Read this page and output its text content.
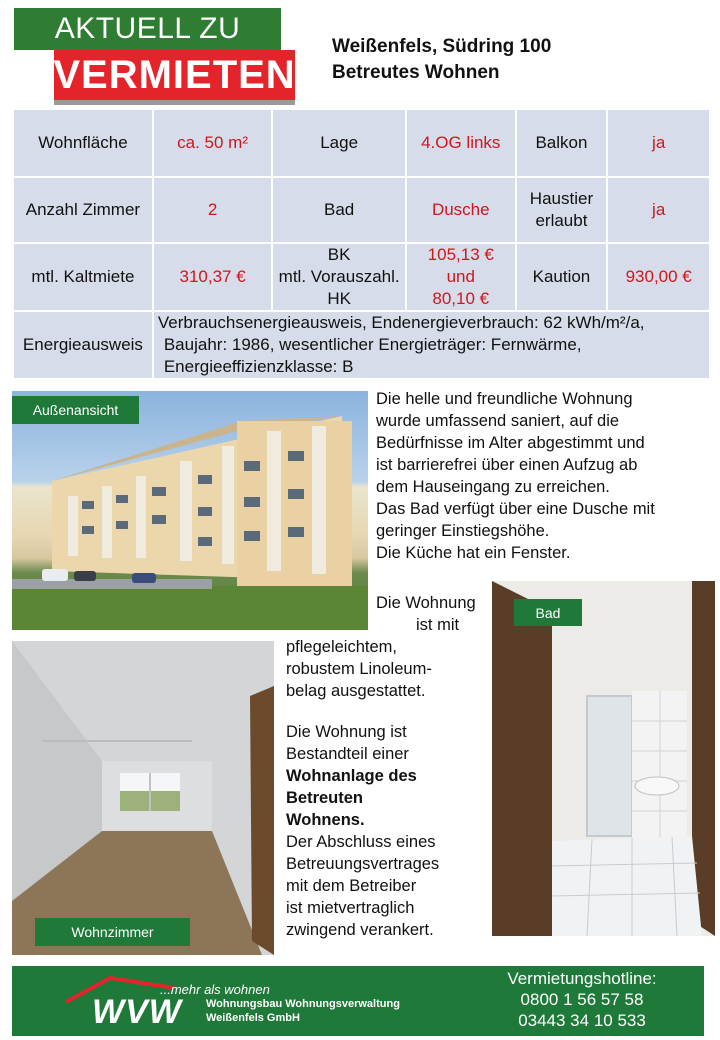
AKTUELL ZU
VERMIETEN
Weißenfels, Südring 100
Betreutes Wohnen
Wohnfläche	ca. 50 m²	Lage	4.OG links	Balkon	ja
Anzahl Zimmer	2	Bad	Dusche	Haustier
erlaubt	ja
mtl. Kaltmiete	310,37 €	BK
mtl. Vorauszahl.
HK	105,13 €
und
80,10 €	Kaution	930,00 €
Energieausweis	Verbrauchsenergieausweis, Endenergieverbrauch: 62 kWh/m²/a,
Baujahr: 1986, wesentlicher Energieträger: Fernwärme,
Energieeffizienzklasse: B				
Außenansicht
Wohnzimmer
Bad
Die helle und freundliche Wohnung
wurde umfassend saniert, auf die
Bedürfnisse im Alter abgestimmt und
ist barrierefrei über einen Aufzug ab
dem Hauseingang zu erreichen.
Das Bad verfügt über eine Dusche mit
geringer Einstiegshöhe.
Die Küche hat ein Fenster.
Die Wohnung
ist mit
pflegeleichtem,
robustem Linoleum-
belag ausgestattet.
Die Wohnung ist
Bestandteil einer
Wohnanlage des
Betreuten
Wohnens.
Der Abschluss eines
Betreuungsvertrages
mit dem Betreiber
ist mietvertraglich
zwingend verankert.
WVW
...mehr als wohnen
Wohnungsbau Wohnungsverwaltung
Weißenfels GmbH
Vermietungshotline:
0800 1 56 57 58
03443 34 10 533
